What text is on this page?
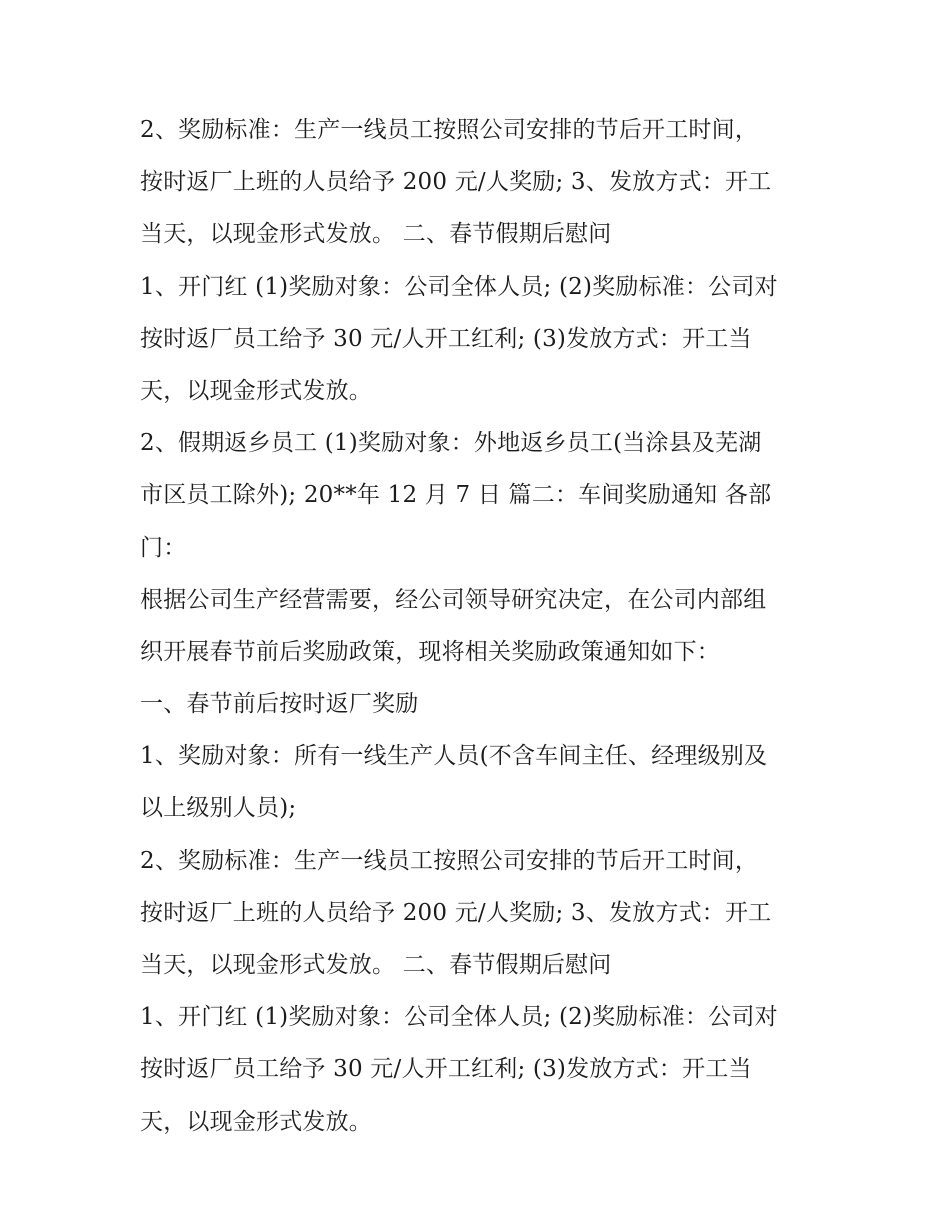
2、奖励标准：生产一线员工按照公司安排的节后开工时间，
按时返厂上班的人员给予 200 元/人奖励; 3、发放方式：开工
当天，以现金形式发放。 二、春节假期后慰问
1、开门红 (1)奖励对象：公司全体人员; (2)奖励标准：公司对
按时返厂员工给予 30 元/人开工红利; (3)发放方式：开工当
天，以现金形式发放。
2、假期返乡员工 (1)奖励对象：外地返乡员工(当涂县及芜湖
市区员工除外); 20**年 12 月 7 日 篇二：车间奖励通知 各部
门：
根据公司生产经营需要，经公司领导研究决定，在公司内部组
织开展春节前后奖励政策，现将相关奖励政策通知如下：
一、春节前后按时返厂奖励
1、奖励对象：所有一线生产人员(不含车间主任、经理级别及
以上级别人员);
2、奖励标准：生产一线员工按照公司安排的节后开工时间，
按时返厂上班的人员给予 200 元/人奖励; 3、发放方式：开工
当天，以现金形式发放。 二、春节假期后慰问
1、开门红 (1)奖励对象：公司全体人员; (2)奖励标准：公司对
按时返厂员工给予 30 元/人开工红利; (3)发放方式：开工当
天，以现金形式发放。
